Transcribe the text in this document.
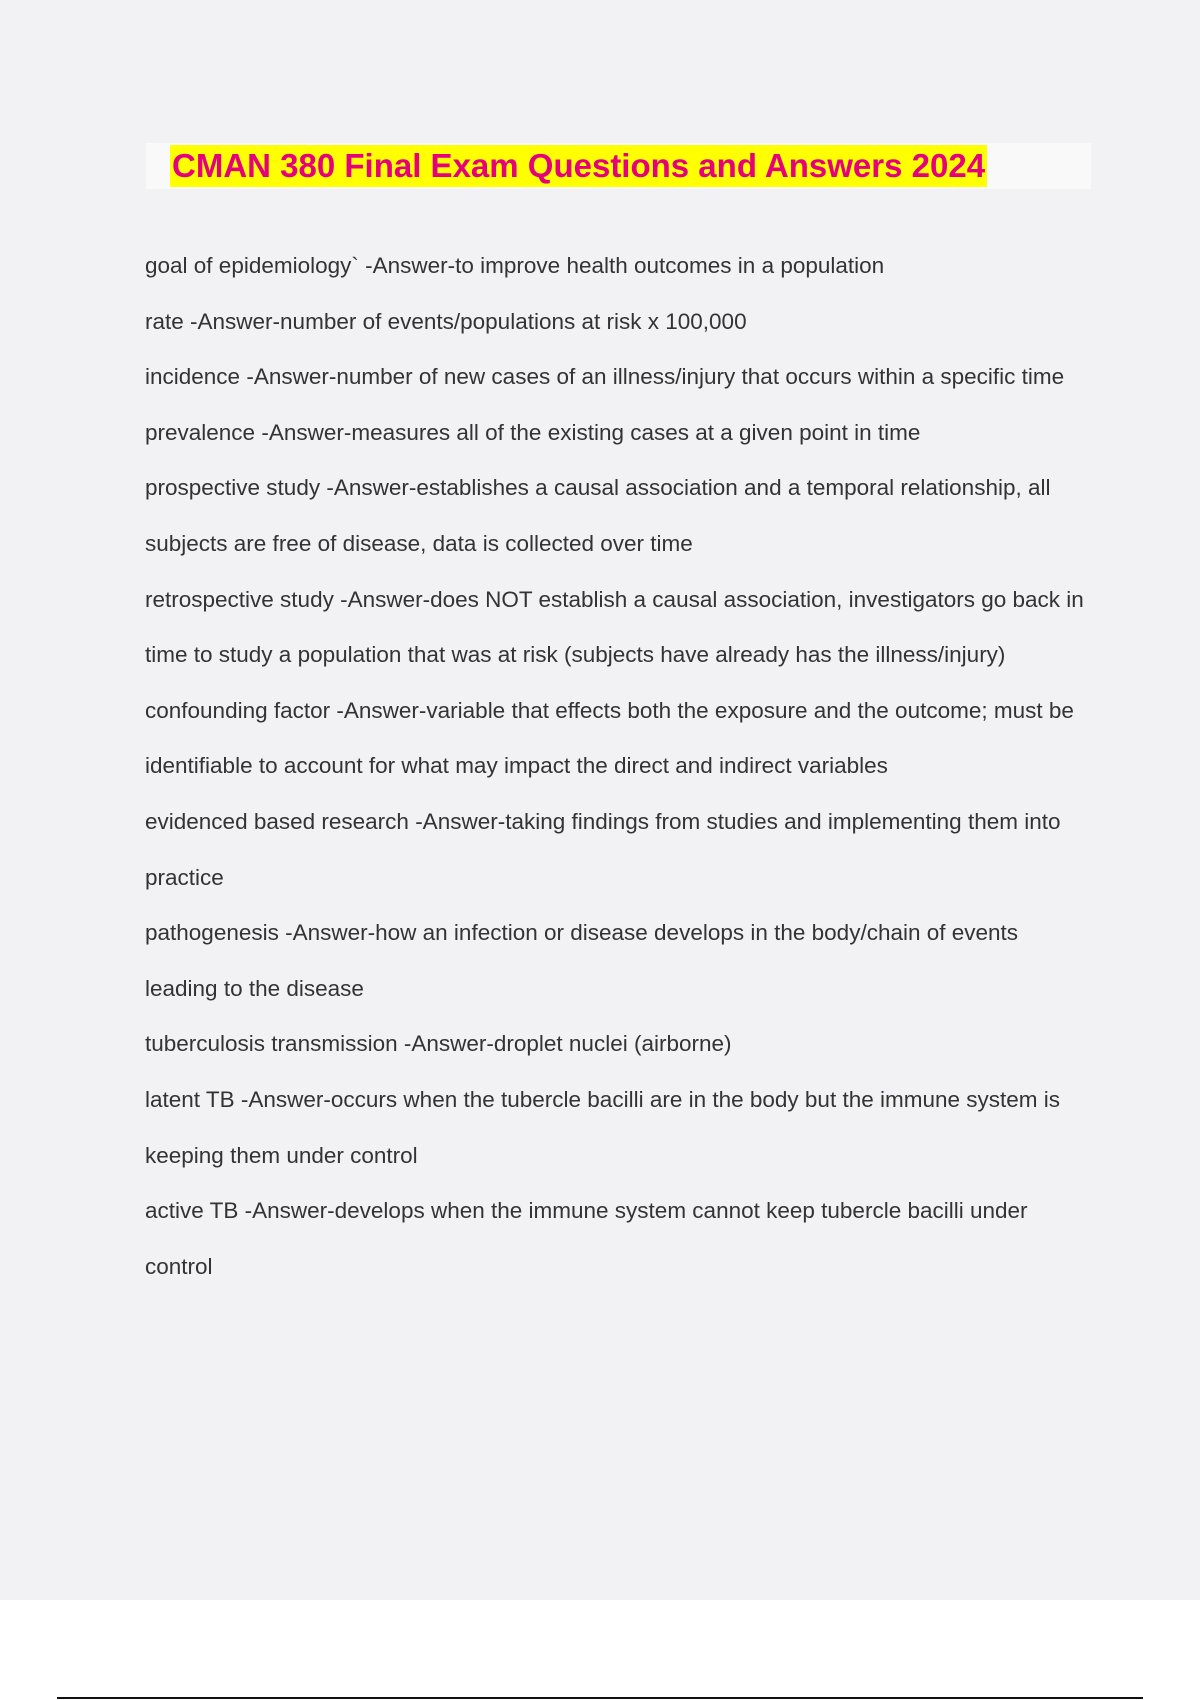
CMAN 380 Final Exam Questions and Answers 2024
goal of epidemiology` -Answer-to improve health outcomes in a population
rate -Answer-number of events/populations at risk x 100,000
incidence -Answer-number of new cases of an illness/injury that occurs within a specific time
prevalence -Answer-measures all of the existing cases at a given point in time
prospective study -Answer-establishes a causal association and a temporal relationship, all subjects are free of disease, data is collected over time
retrospective study -Answer-does NOT establish a causal association, investigators go back in time to study a population that was at risk (subjects have already has the illness/injury)
confounding factor -Answer-variable that effects both the exposure and the outcome; must be identifiable to account for what may impact the direct and indirect variables
evidenced based research -Answer-taking findings from studies and implementing them into practice
pathogenesis -Answer-how an infection or disease develops in the body/chain of events leading to the disease
tuberculosis transmission -Answer-droplet nuclei (airborne)
latent TB -Answer-occurs when the tubercle bacilli are in the body but the immune system is keeping them under control
active TB -Answer-develops when the immune system cannot keep tubercle bacilli under control
